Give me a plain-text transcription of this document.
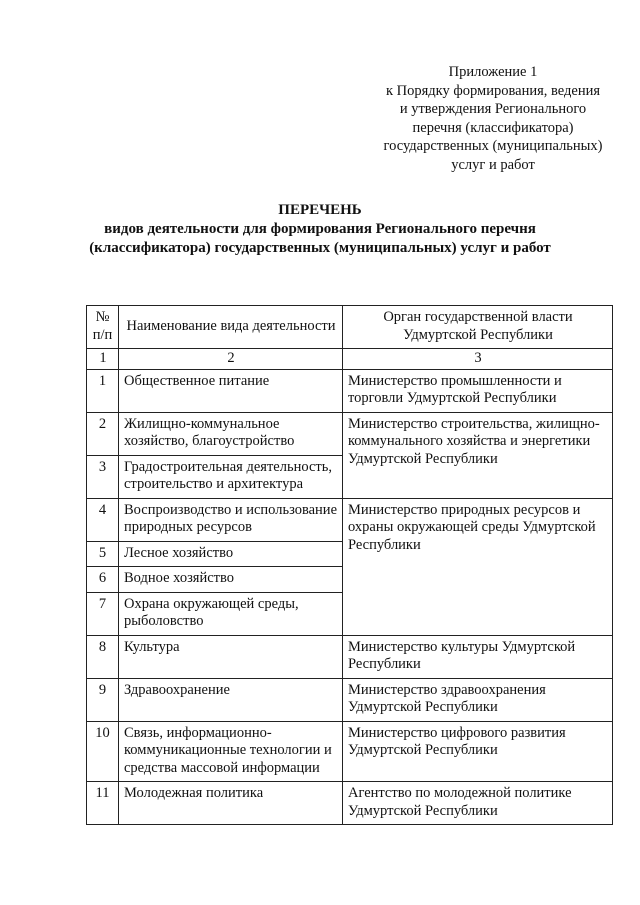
Приложение 1
к Порядку формирования, ведения
и утверждения Регионального
перечня (классификатора)
государственных (муниципальных)
услуг и работ
ПЕРЕЧЕНЬ
видов деятельности для формирования Регионального перечня
(классификатора) государственных (муниципальных) услуг и работ
№ п/п	Наименование вида деятельности	Орган государственной власти Удмуртской Республики
1	2	3
1	Общественное питание	Министерство промышленности и торговли Удмуртской Республики
2	Жилищно-коммунальное хозяйство, благоустройство	Министерство строительства, жилищно-коммунального хозяйства и энергетики Удмуртской Республики
3	Градостроительная деятельность, строительство и архитектура	
4	Воспроизводство и использование природных ресурсов	Министерство природных ресурсов и охраны окружающей среды Удмуртской Республики
5	Лесное хозяйство	
6	Водное хозяйство	
7	Охрана окружающей среды, рыболовство	
8	Культура	Министерство культуры Удмуртской Республики
9	Здравоохранение	Министерство здравоохранения Удмуртской Республики
10	Связь, информационно-коммуникационные технологии и средства массовой информации	Министерство цифрового развития Удмуртской Республики
11	Молодежная политика	Агентство по молодежной политике Удмуртской Республики
